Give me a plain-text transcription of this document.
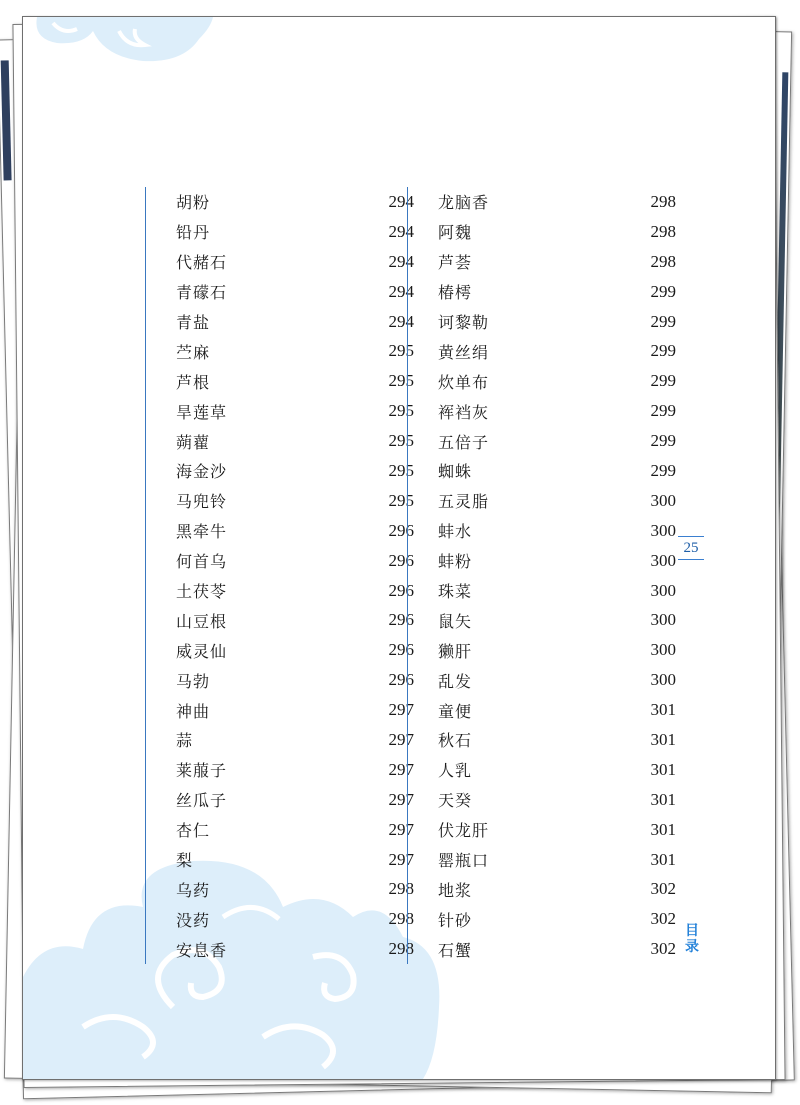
胡粉	294
铅丹	294
代赭石	294
青礞石	294
青盐	294
苎麻	295
芦根	295
旱莲草	295
蒴藋	295
海金沙	295
马兜铃	295
黑牵牛	296
何首乌	296
土茯苓	296
山豆根	296
威灵仙	296
马勃	296
神曲	297
蒜	297
莱菔子	297
丝瓜子	297
杏仁	297
梨	297
乌药	298
没药	298
安息香	298
龙脑香	298
阿魏	298
芦荟	298
椿樗	299
诃黎勒	299
黄丝绢	299
炊单布	299
裈裆灰	299
五倍子	299
蜘蛛	299
五灵脂	300
蚌水	300
蚌粉	300
珠菜	300
鼠矢	300
獭肝	300
乱发	300
童便	301
秋石	301
人乳	301
天癸	301
伏龙肝	301
罂瓶口	301
地浆	302
针砂	302
石蟹	302
25
目录
